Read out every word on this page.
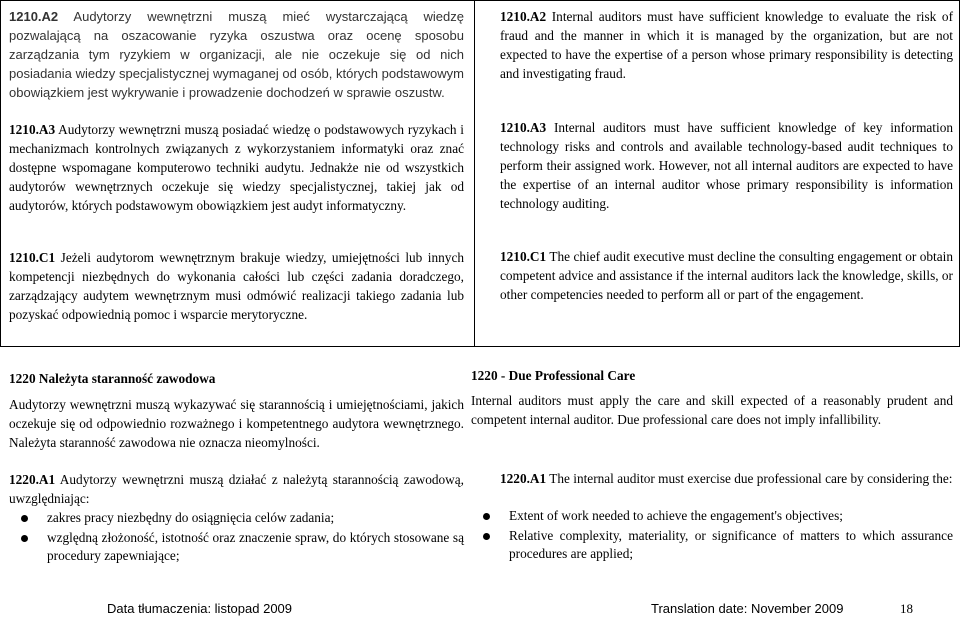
1210.A2 Audytorzy wewnętrzni muszą mieć wystarczającą wiedzę pozwalającą na oszacowanie ryzyka oszustwa oraz ocenę sposobu zarządzania tym ryzykiem w organizacji, ale nie oczekuje się od nich posiadania wiedzy specjalistycznej wymaganej od osób, których podstawowym obowiązkiem jest wykrywanie i prowadzenie dochodzeń w sprawie oszustw.

1210.A3 Audytorzy wewnętrzni muszą posiadać wiedzę o podstawowych ryzykach i mechanizmach kontrolnych związanych z wykorzystaniem informatyki oraz znać dostępne wspomagane komputerowo techniki audytu. Jednakże nie od wszystkich audytorów wewnętrznych oczekuje się wiedzy specjalistycznej, takiej jak od audytorów, których podstawowym obowiązkiem jest audyt informatyczny.

1210.C1 Jeżeli audytorom wewnętrznym brakuje wiedzy, umiejętności lub innych kompetencji niezbędnych do wykonania całości lub części zadania doradczego, zarządzający audytem wewnętrznym musi odmówić realizacji takiego zadania lub pozyskać odpowiednią pomoc i wsparcie merytoryczne.

1210.A2 Internal auditors must have sufficient knowledge to evaluate the risk of fraud and the manner in which it is managed by the organization, but are not expected to have the expertise of a person whose primary responsibility is detecting and investigating fraud.

1210.A3 Internal auditors must have sufficient knowledge of key information technology risks and controls and available technology-based audit techniques to perform their assigned work. However, not all internal auditors are expected to have the expertise of an internal auditor whose primary responsibility is information technology auditing.

1210.C1 The chief audit executive must decline the consulting engagement or obtain competent advice and assistance if the internal auditors lack the knowledge, skills, or other competencies needed to perform all or part of the engagement.

1220 Należyta staranność zawodowa

Audytorzy wewnętrzni muszą wykazywać się starannością i umiejętnościami, jakich oczekuje się od odpowiednio rozważnego i kompetentnego audytora wewnętrznego. Należyta staranność zawodowa nie oznacza nieomylności.

1220.A1 Audytorzy wewnętrzni muszą działać z należytą starannością zawodową, uwzględniając:

zakres pracy niezbędny do osiągnięcia celów zadania;
względną złożoność, istotność oraz znaczenie spraw, do których stosowane są procedury zapewniające;
1220 - Due Professional Care

Internal auditors must apply the care and skill expected of a reasonably prudent and competent internal auditor. Due professional care does not imply infallibility.

1220.A1 The internal auditor must exercise due professional care by considering the:

Extent of work needed to achieve the engagement's objectives;
Relative complexity, materiality, or significance of matters to which assurance procedures are applied;
Data tłumaczenia: listopad 2009	Translation date: November 2009	18
